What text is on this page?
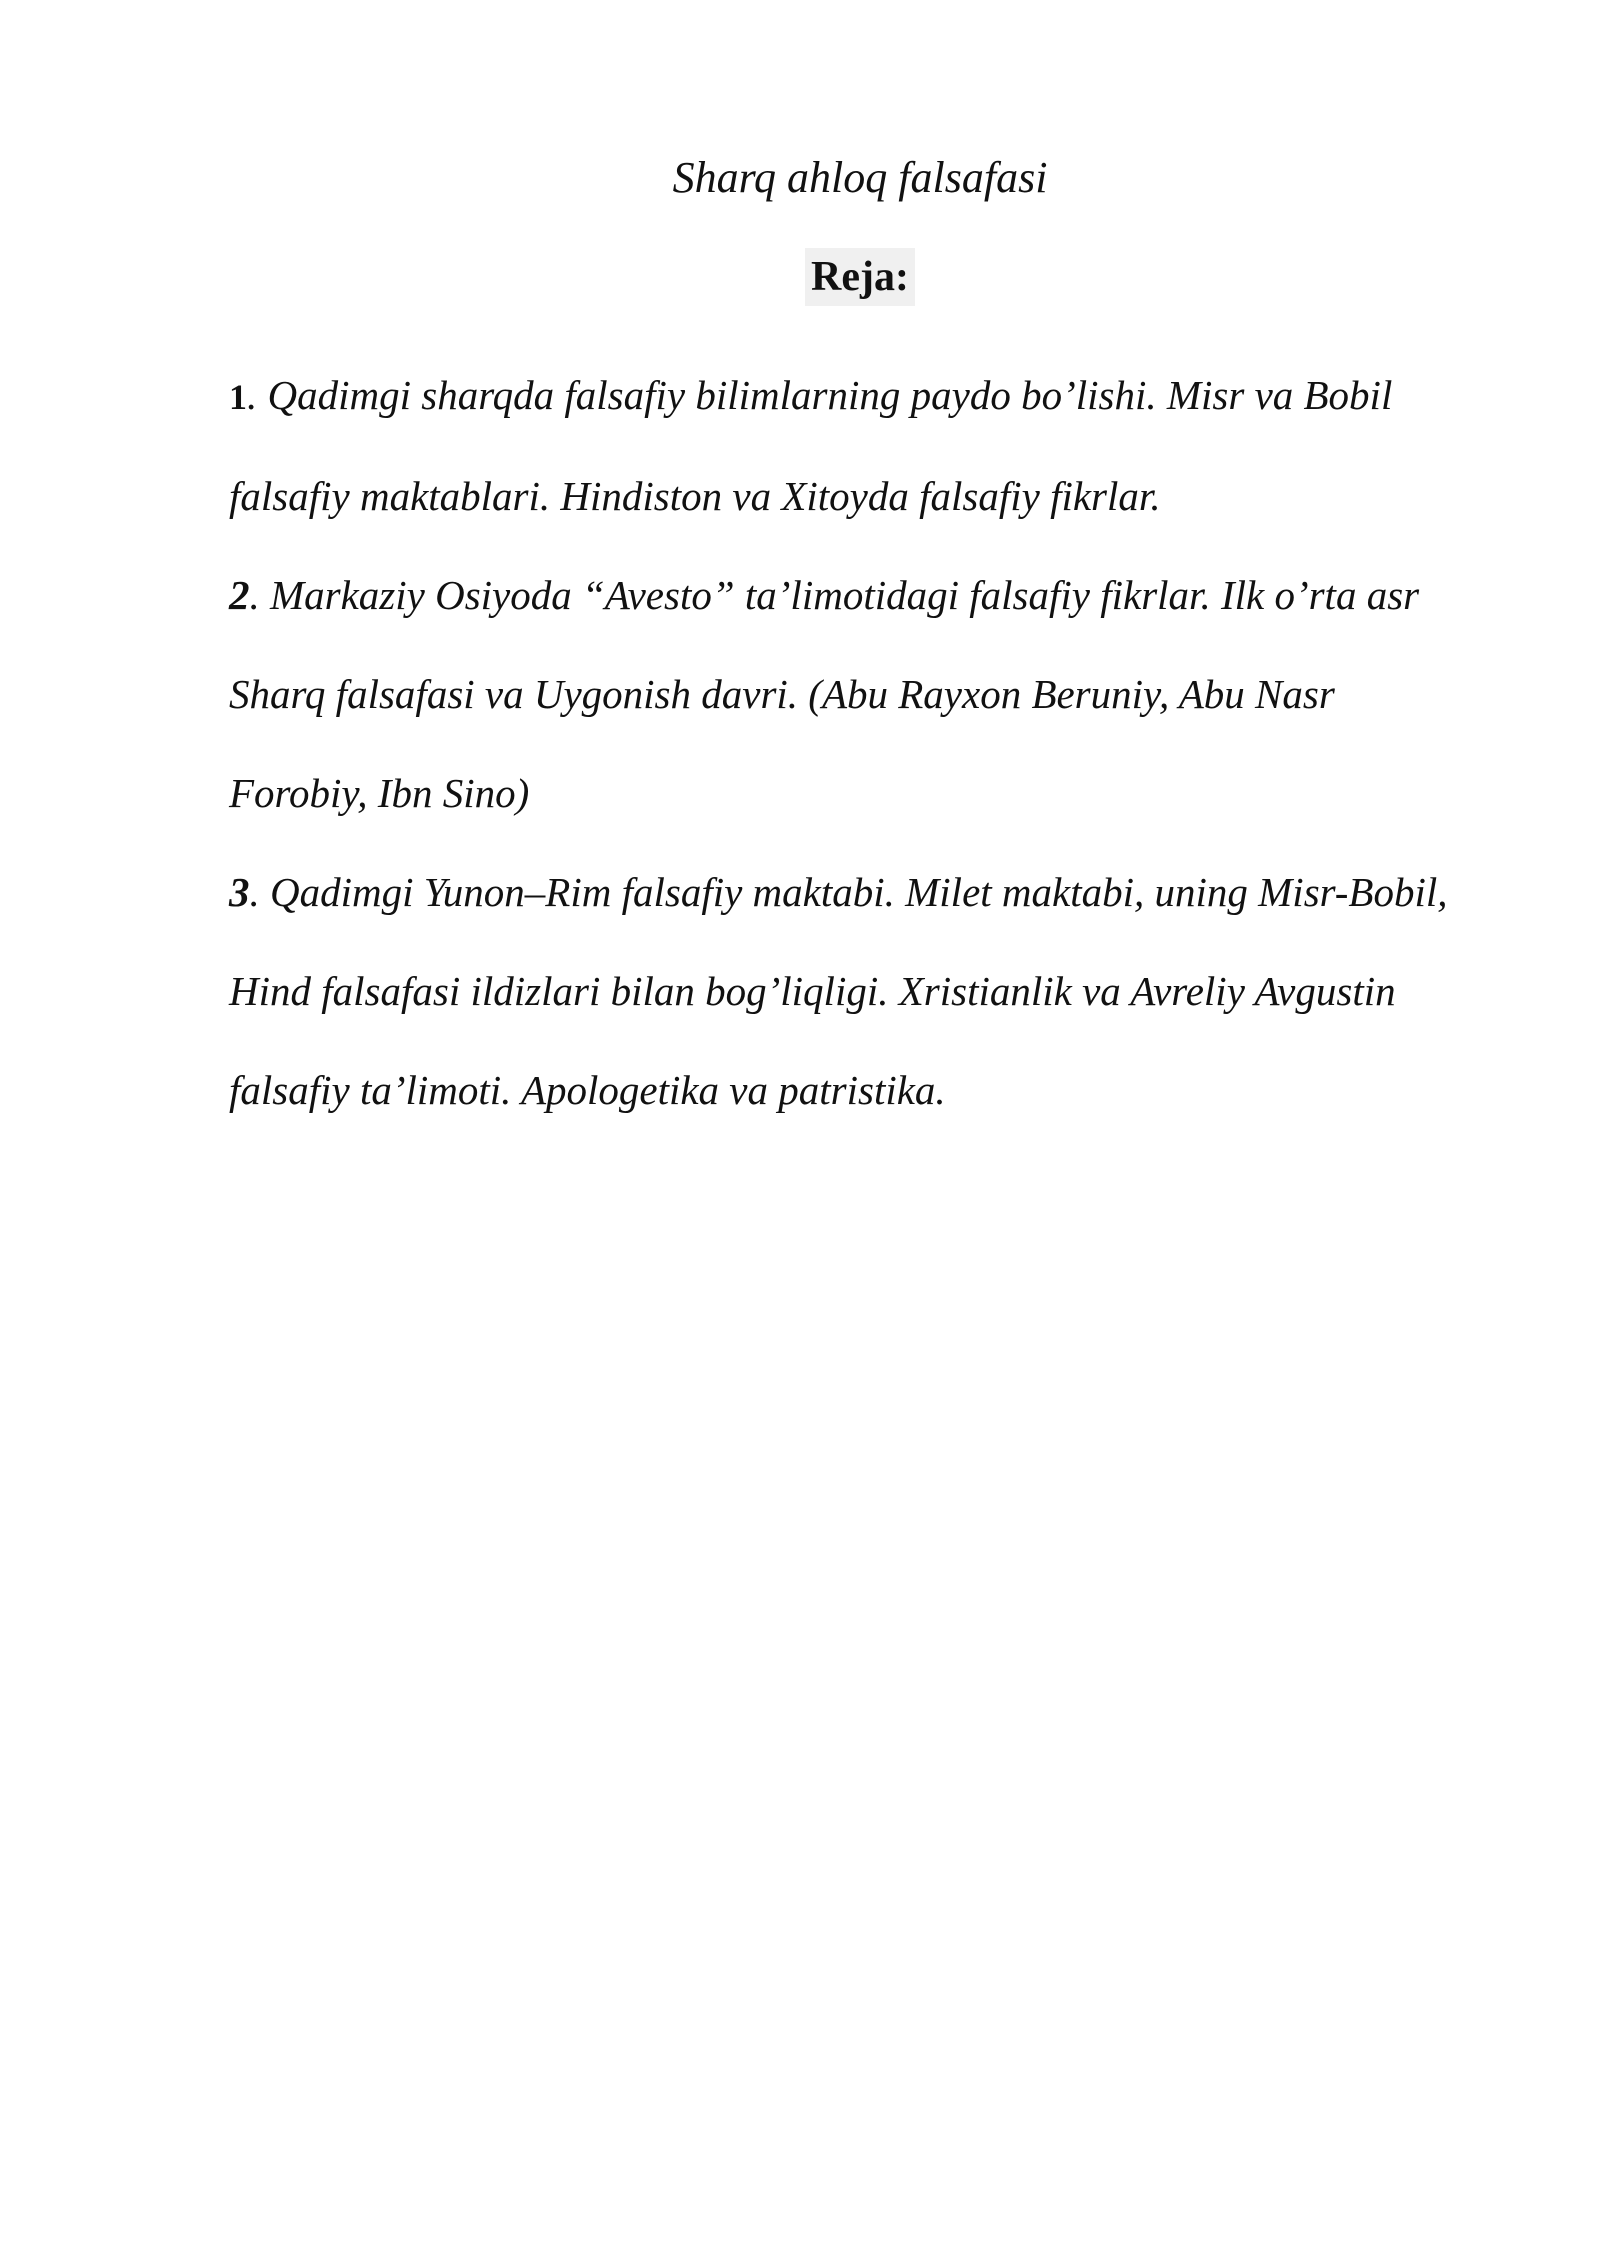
Sharq ahloq falsafasi
Reja:

1. Qadimgi sharqda falsafiy bilimlarning paydo bo’lishi. Misr va Bobil falsafiy maktablari. Hindiston va Xitoyda falsafiy fikrlar.

2. Markaziy Osiyoda “Avesto” ta’limotidagi falsafiy fikrlar. Ilk o’rta asr Sharq falsafasi va Uygonish davri. (Abu Rayxon Beruniy, Abu Nasr Forobiy, Ibn Sino)

3. Qadimgi Yunon–Rim falsafiy maktabi. Milet maktabi, uning Misr-Bobil, Hind falsafasi ildizlari bilan bog’liqligi. Xristianlik va Avreliy Avgustin falsafiy ta’limoti. Apologetika va patristika.
